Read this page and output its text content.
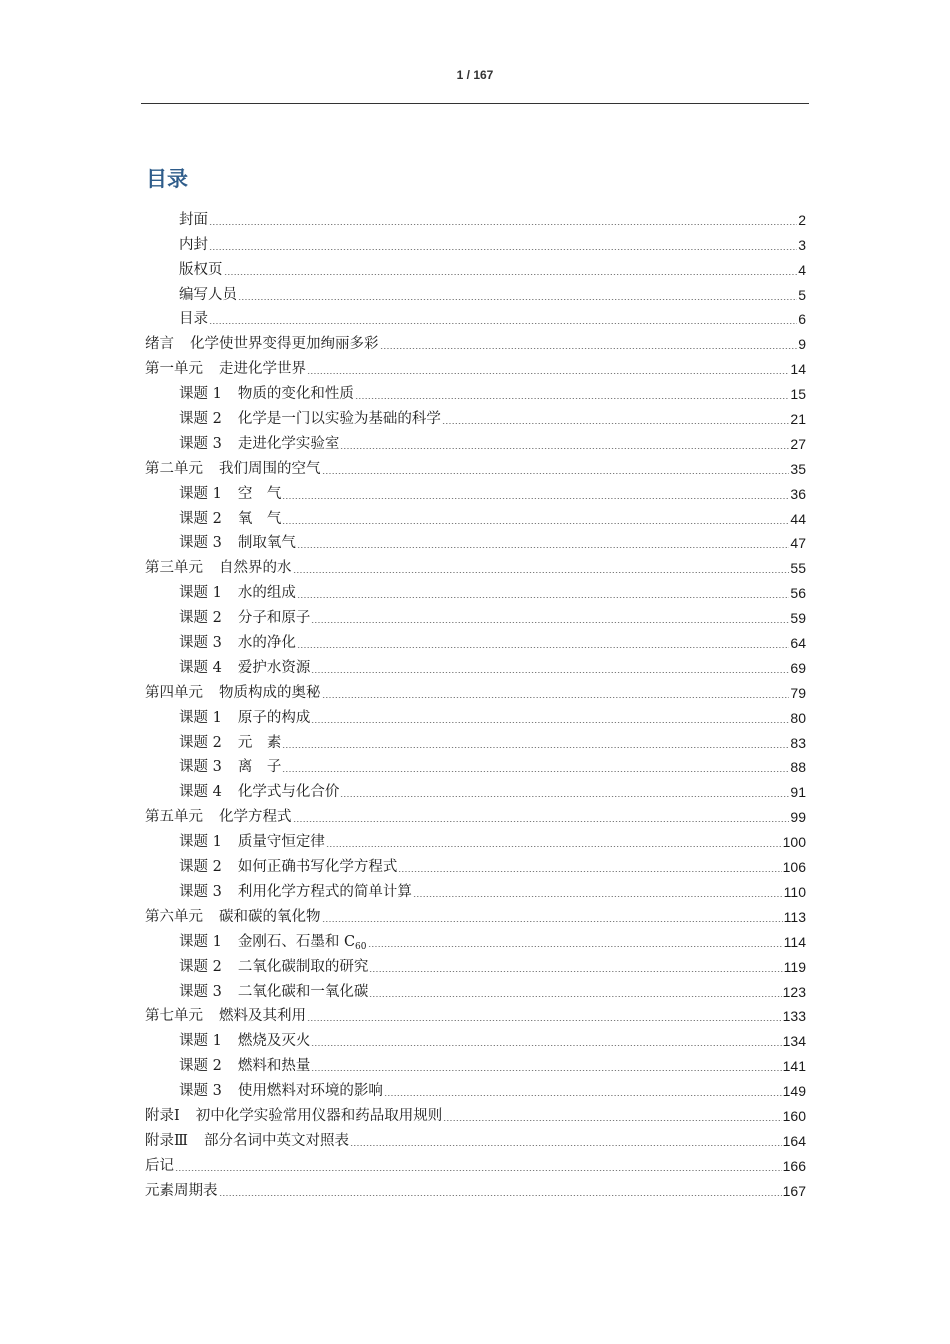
1 / 167
目录
封面	2
内封	3
版权页	4
编写人员	5
目录	6
绪言 化学使世界变得更加绚丽多彩	9
第一单元 走进化学世界	14
课题 1 物质的变化和性质	15
课题 2 化学是一门以实验为基础的科学	21
课题 3 走进化学实验室	27
第二单元 我们周围的空气	35
课题 1 空　气	36
课题 2 氧　气	44
课题 3 制取氧气	47
第三单元 自然界的水	55
课题 1 水的组成	56
课题 2 分子和原子	59
课题 3 水的净化	64
课题 4 爱护水资源	69
第四单元 物质构成的奥秘	79
课题 1 原子的构成	80
课题 2 元　素	83
课题 3 离　子	88
课题 4 化学式与化合价	91
第五单元 化学方程式	99
课题 1 质量守恒定律	100
课题 2 如何正确书写化学方程式	106
课题 3 利用化学方程式的简单计算	110
第六单元 碳和碳的氧化物	113
课题 1 金刚石、石墨和 $C_{60}$	114
课题 2 二氧化碳制取的研究	119
课题 3 二氧化碳和一氧化碳	123
第七单元 燃料及其利用	133
课题 1 燃烧及灭火	134
课题 2 燃料和热量	141
课题 3 使用燃料对环境的影响	149
附录Ⅰ 初中化学实验常用仪器和药品取用规则	160
附录Ⅲ 部分名词中英文对照表	164
后记	166
元素周期表	167
